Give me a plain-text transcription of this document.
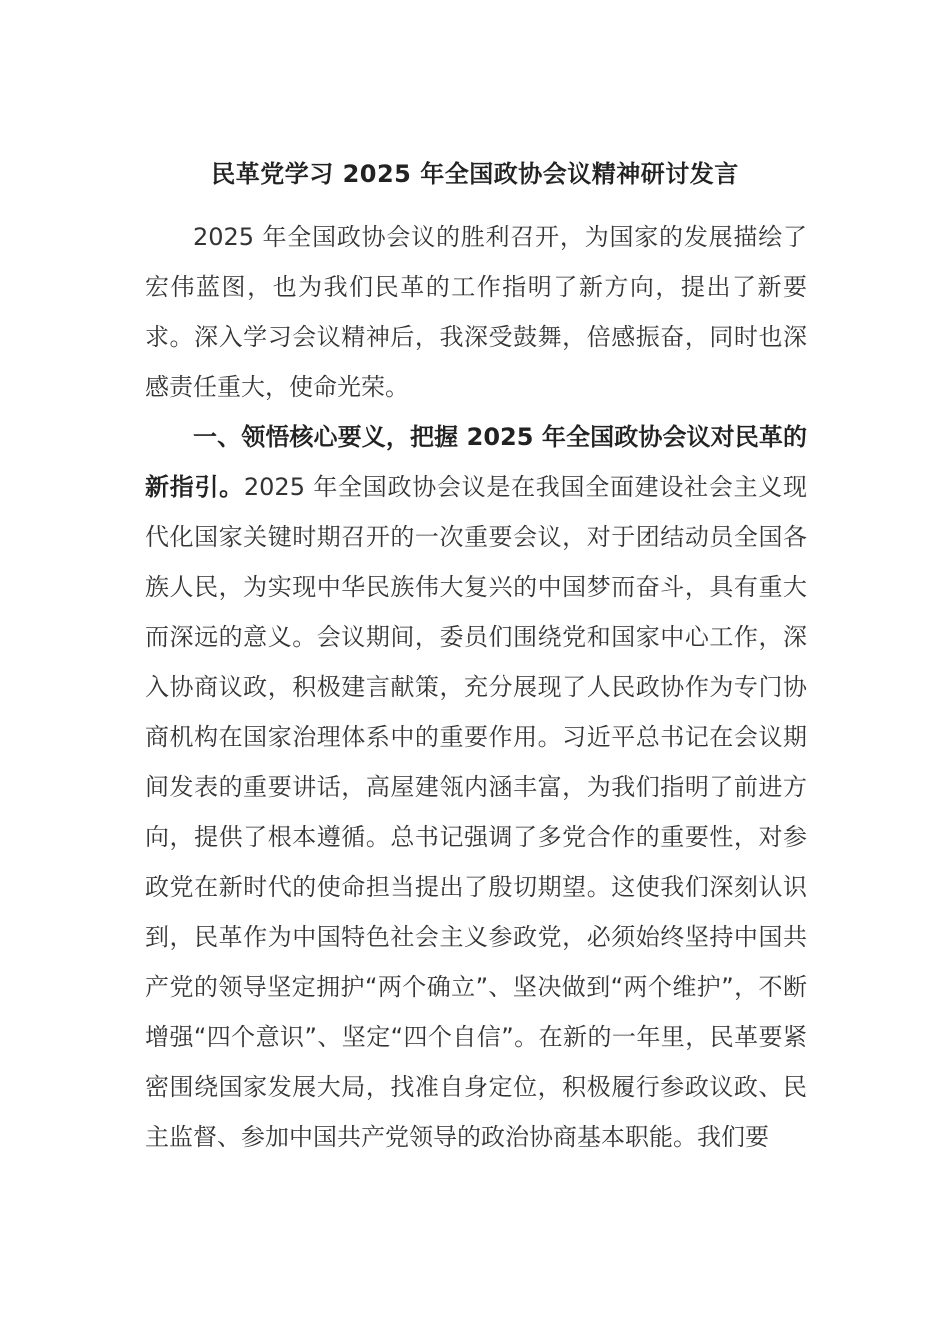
民革党学习 2025 年全国政协会议精神研讨发言

2025 年全国政协会议的胜利召开，为国家的发展描绘了宏伟蓝图，也为我们民革的工作指明了新方向，提出了新要求。深入学习会议精神后，我深受鼓舞，倍感振奋，同时也深感责任重大，使命光荣。

一、领悟核心要义，把握 2025 年全国政协会议对民革的新指引。2025 年全国政协会议是在我国全面建设社会主义现代化国家关键时期召开的一次重要会议，对于团结动员全国各族人民，为实现中华民族伟大复兴的中国梦而奋斗，具有重大而深远的意义。会议期间，委员们围绕党和国家中心工作，深入协商议政，积极建言献策，充分展现了人民政协作为专门协商机构在国家治理体系中的重要作用。习近平总书记在会议期间发表的重要讲话，高屋建瓴内涵丰富，为我们指明了前进方向，提供了根本遵循。总书记强调了多党合作的重要性，对参政党在新时代的使命担当提出了殷切期望。这使我们深刻认识到，民革作为中国特色社会主义参政党，必须始终坚持中国共产党的领导坚定拥护“两个确立”、坚决做到“两个维护”，不断增强“四个意识”、坚定“四个自信”。在新的一年里，民革要紧密围绕国家发展大局，找准自身定位，积极履行参政议政、民主监督、参加中国共产党领导的政治协商基本职能。我们要
